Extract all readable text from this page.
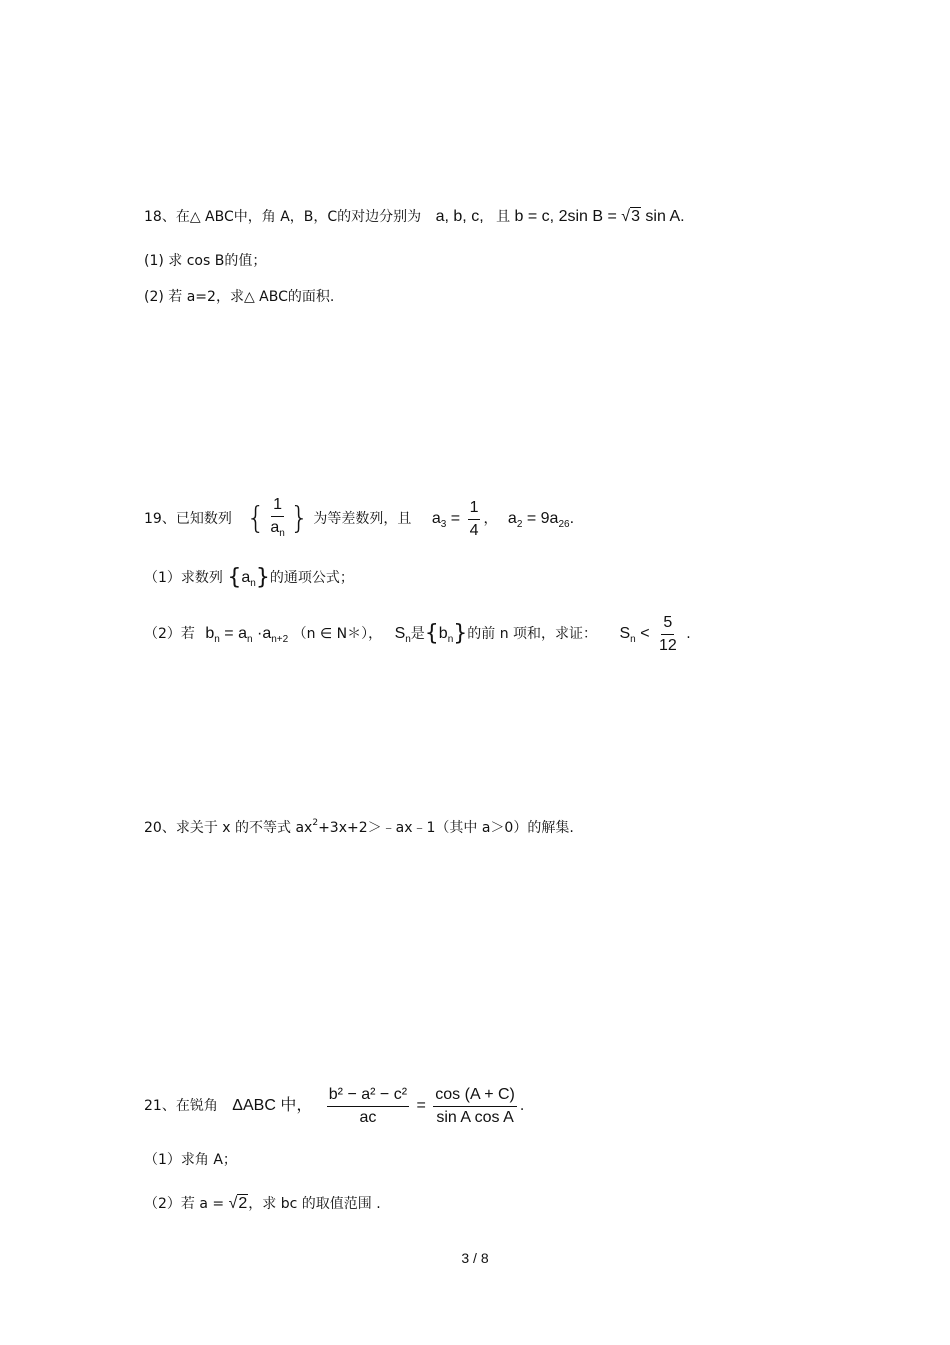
18、在△ ABC中，角 A，B，C的对边分别为 a, b, c, 且 b = c, 2sin B = √3 sin A.
(1) 求 cos B的值；
(2) 若 a=2，求△ ABC的面积.
19、已知数列 { $\frac{1}{a_n}$ } 为等差数列，且 $a_3 = \frac{1}{4}$ ， $a_2 = 9a_{26}$.
（1）求数列 $\{a_n\}$的通项公式；
（2）若 $b_n = a_n \cdot a_{n+2}$ （n ∈ N＊）， $S_n$是$\{b_n\}$的前 n 项和，求证： $S_n < \frac{5}{12}$ .
20、求关于 x 的不等式 $ax^2+3x+2>﹣ax﹣1$（其中 a＞0）的解集.
21、在锐角 ΔABC 中， $\frac{\text{b² − a² − c²}}{ac} = \frac{\cos (A + C)}{\text{sin A cos A}}$ .
（1）求角 A；
（2）若 a = √2，求 bc 的取值范围 .
3 / 8
